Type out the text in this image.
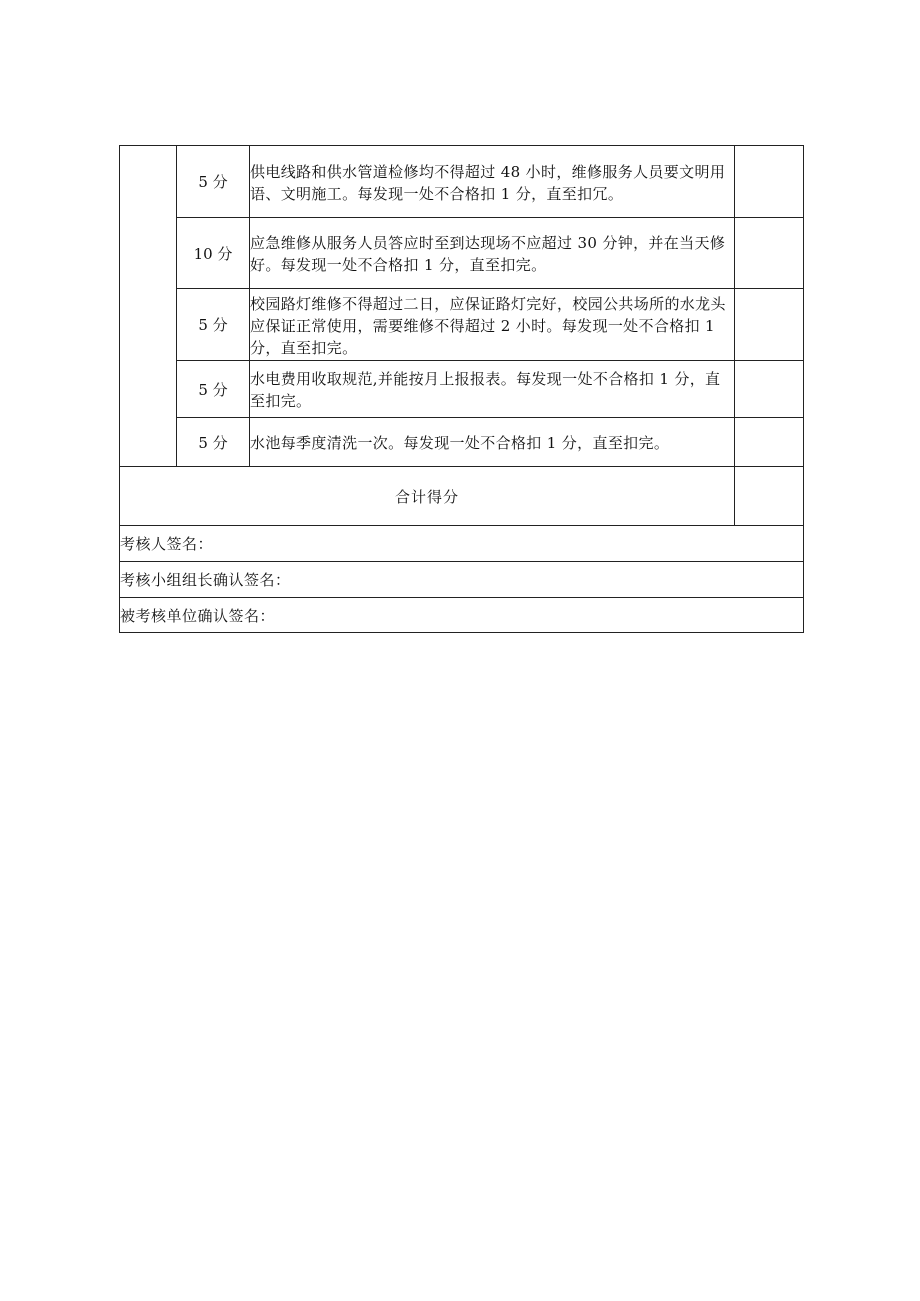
	5 分	供电线路和供水管道检修均不得超过 48 小时，维修服务人员要文明用语、文明施工。每发现一处不合格扣 1 分，直至扣冗。	

	10 分	应急维修从服务人员答应时至到达现场不应超过 30 分钟，并在当天修好。每发现一处不合格扣 1 分，直至扣完。	

	5 分	校园路灯维修不得超过二日，应保证路灯完好，校园公共场所的水龙头应保证正常使用，需要维修不得超过 2 小时。每发现一处不合格扣 1 分，直至扣完。	

	5 分	水电费用收取规范,并能按月上报报表。每发现一处不合格扣 1 分，直至扣完。	

	5 分	水池每季度清洗一次。每发现一处不合格扣 1 分，直至扣完。	

合计得分			
考核人签名：			
考核小组组长确认签名：			
被考核单位确认签名：			
